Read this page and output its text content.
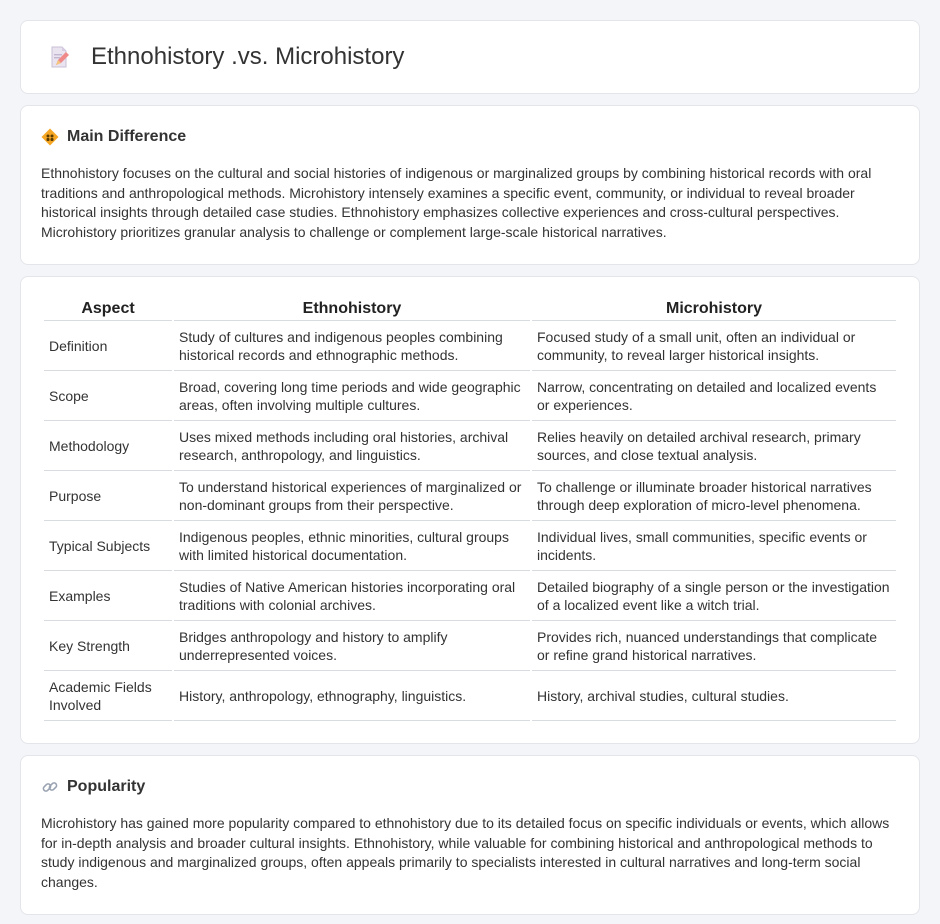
Ethnohistory .vs. Microhistory
Main Difference

Ethnohistory focuses on the cultural and social histories of indigenous or marginalized groups by combining historical records with oral traditions and anthropological methods. Microhistory intensely examines a specific event, community, or individual to reveal broader historical insights through detailed case studies. Ethnohistory emphasizes collective experiences and cross-cultural perspectives. Microhistory prioritizes granular analysis to challenge or complement large-scale historical narratives.

Aspect	Ethnohistory	Microhistory
Definition	Study of cultures and indigenous peoples combining historical records and ethnographic methods.	Focused study of a small unit, often an individual or community, to reveal larger historical insights.
Scope	Broad, covering long time periods and wide geographic areas, often involving multiple cultures.	Narrow, concentrating on detailed and localized events or experiences.
Methodology	Uses mixed methods including oral histories, archival research, anthropology, and linguistics.	Relies heavily on detailed archival research, primary sources, and close textual analysis.
Purpose	To understand historical experiences of marginalized or non-dominant groups from their perspective.	To challenge or illuminate broader historical narratives through deep exploration of micro-level phenomena.
Typical Subjects	Indigenous peoples, ethnic minorities, cultural groups with limited historical documentation.	Individual lives, small communities, specific events or incidents.
Examples	Studies of Native American histories incorporating oral traditions with colonial archives.	Detailed biography of a single person or the investigation of a localized event like a witch trial.
Key Strength	Bridges anthropology and history to amplify underrepresented voices.	Provides rich, nuanced understandings that complicate or refine grand historical narratives.
Academic Fields Involved	History, anthropology, ethnography, linguistics.	History, archival studies, cultural studies.
Popularity

Microhistory has gained more popularity compared to ethnohistory due to its detailed focus on specific individuals or events, which allows for in-depth analysis and broader cultural insights. Ethnohistory, while valuable for combining historical and anthropological methods to study indigenous and marginalized groups, often appeals primarily to specialists interested in cultural narratives and long-term social changes.
